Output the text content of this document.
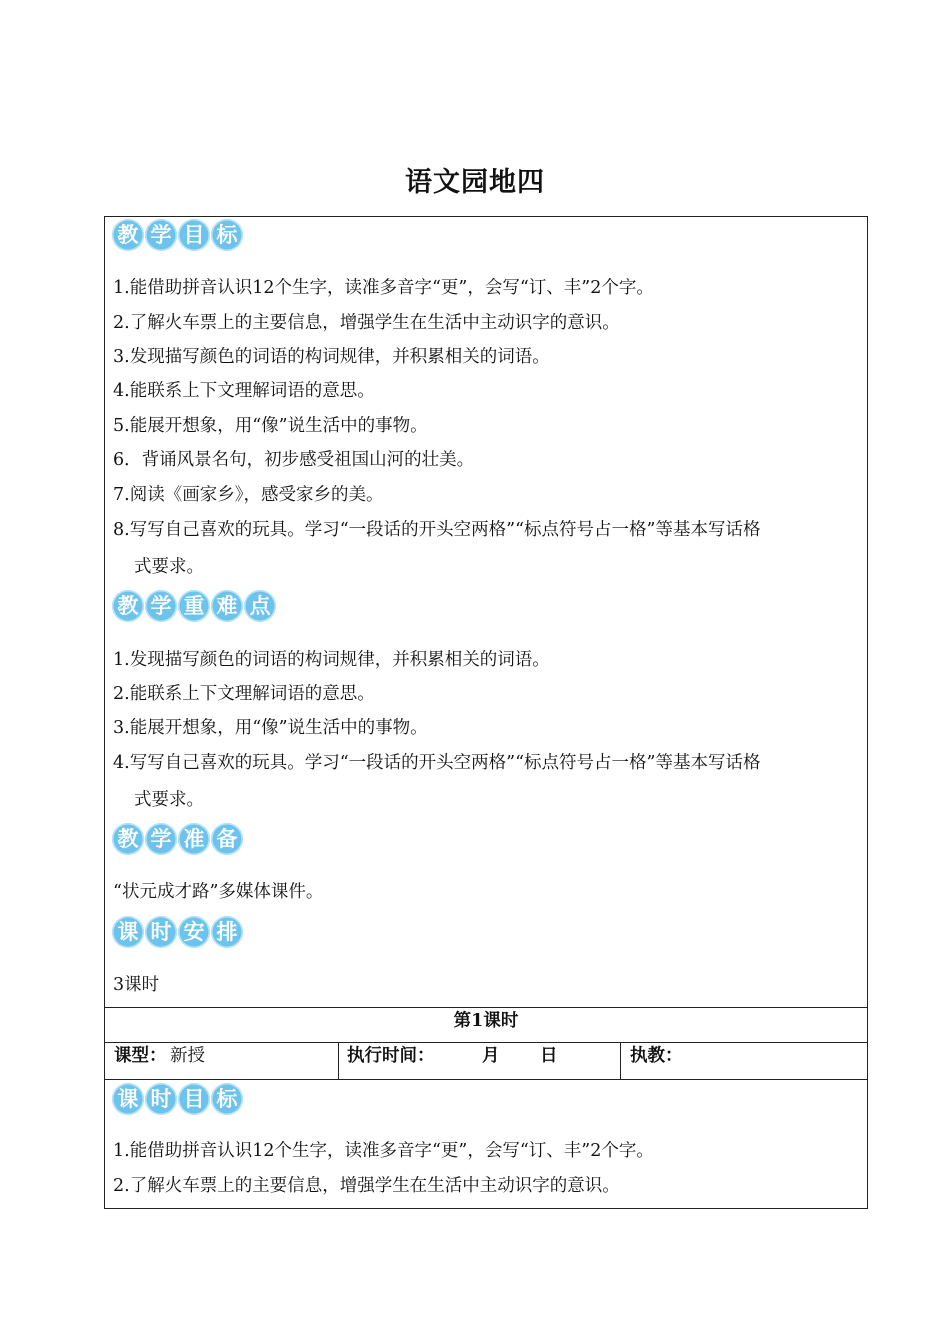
语文园地四
教 学 目 标
1.能借助拼音认识12个生字，读准多音字“更”，会写“订、丰”2个字。
2.了解火车票上的主要信息，增强学生在生活中主动识字的意识。
3.发现描写颜色的词语的构词规律，并积累相关的词语。
4.能联系上下文理解词语的意思。
5.能展开想象，用“像”说生活中的事物。
6．背诵风景名句，初步感受祖国山河的壮美。
7.阅读《画家乡》，感受家乡的美。
8.写写自己喜欢的玩具。学习“一段话的开头空两格”“标点符号占一格”等基本写话格
式要求。
教 学 重 难 点
1.发现描写颜色的词语的构词规律，并积累相关的词语。
2.能联系上下文理解词语的意思。
3.能展开想象，用“像”说生活中的事物。
4.写写自己喜欢的玩具。学习“一段话的开头空两格”“标点符号占一格”等基本写话格
式要求。
教 学 准 备
“状元成才路”多媒体课件。
课 时 安 排
3课时
第1课时
课型： 新授	执行时间：	月 日	执教：
课 时 目 标
1.能借助拼音认识12个生字，读准多音字“更”，会写“订、丰”2个字。
2.了解火车票上的主要信息，增强学生在生活中主动识字的意识。
